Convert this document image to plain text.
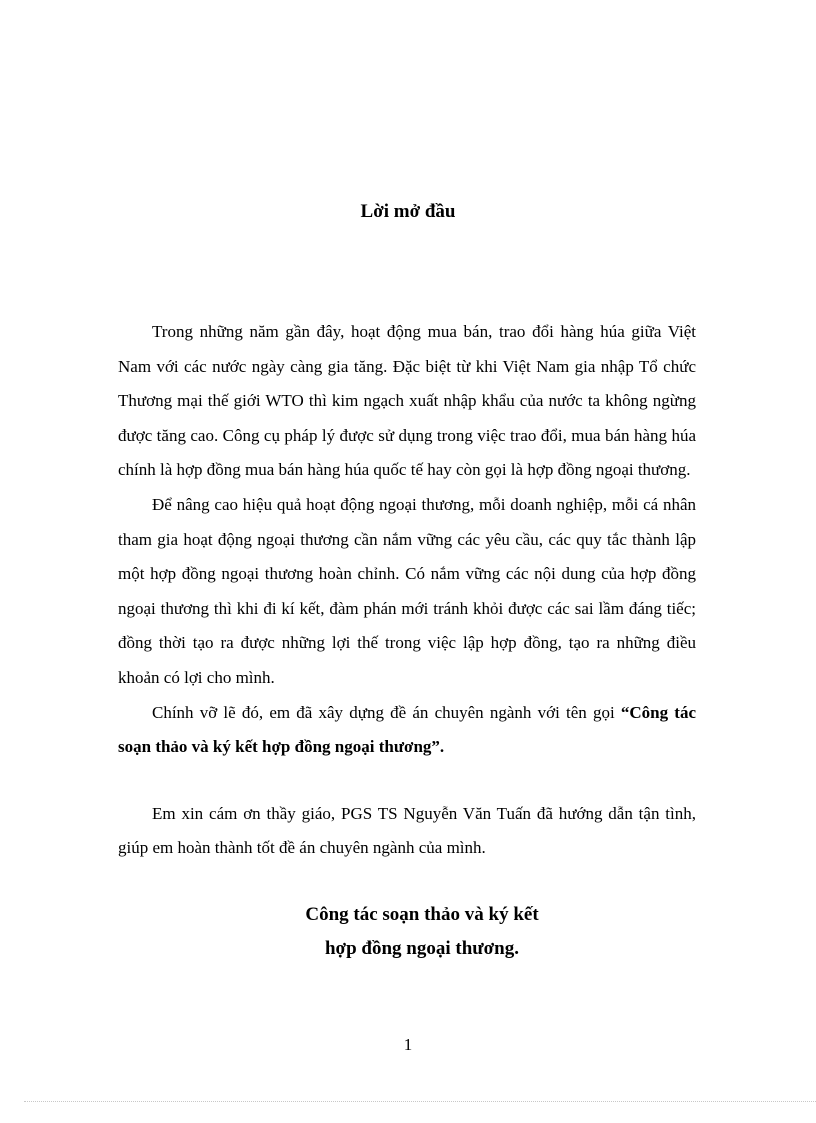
Lời mở đầu

Trong những năm gần đây, hoạt động mua bán, trao đổi hàng húa giữa Việt Nam với các nước ngày càng gia tăng. Đặc biệt từ khi Việt Nam gia nhập Tổ chức Thương mại thế giới WTO thì kim ngạch xuất nhập khẩu của nước ta không ngừng được tăng cao. Công cụ pháp lý được sử dụng trong việc trao đổi, mua bán hàng húa chính là hợp đồng mua bán hàng húa quốc tế hay còn gọi là hợp đồng ngoại thương.

Để nâng cao hiệu quả hoạt động ngoại thương, mỗi doanh nghiệp, mỗi cá nhân tham gia hoạt động ngoại thương cần nắm vững các yêu cầu, các quy tắc thành lập một hợp đồng ngoại thương hoàn chỉnh. Có nắm vững các nội dung của hợp đồng ngoại thương thì khi đi kí kết, đàm phán mới tránh khỏi được các sai lầm đáng tiếc; đồng thời tạo ra được những lợi thế trong việc lập hợp đồng, tạo ra những điều khoản có lợi cho mình.

Chính vỡ lẽ đó, em đã xây dựng đề án chuyên ngành với tên gọi “Công tác soạn thảo và ký kết hợp đồng ngoại thương”.

Em xin cám ơn thầy giáo, PGS TS Nguyễn Văn Tuấn đã hướng dẫn tận tình, giúp em hoàn thành tốt đề án chuyên ngành của mình.

Công tác soạn thảo và ký kết
hợp đồng ngoại thương.
1
